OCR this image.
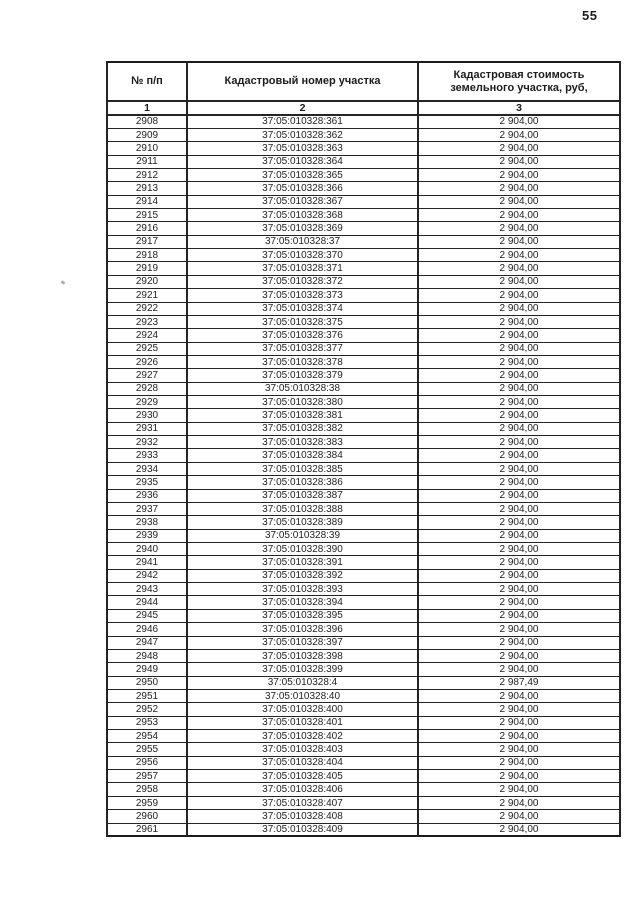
55
№ п/п	Кадастровый номер участка	Кадастровая стоимость земельного участка, руб,
1	2	3
2908	37:05:010328:361	2 904,00
2909	37:05:010328:362	2 904,00
2910	37:05:010328:363	2 904,00
2911	37:05:010328:364	2 904,00
2912	37:05:010328:365	2 904,00
2913	37:05:010328:366	2 904,00
2914	37:05:010328:367	2 904,00
2915	37:05:010328:368	2 904,00
2916	37:05:010328:369	2 904,00
2917	37:05:010328:37	2 904,00
2918	37:05:010328:370	2 904,00
2919	37:05:010328:371	2 904,00
2920	37:05:010328:372	2 904,00
2921	37:05:010328:373	2 904,00
2922	37:05:010328:374	2 904,00
2923	37:05:010328:375	2 904,00
2924	37:05:010328:376	2 904,00
2925	37:05:010328:377	2 904,00
2926	37:05:010328:378	2 904,00
2927	37:05:010328:379	2 904,00
2928	37:05:010328:38	2 904,00
2929	37:05:010328:380	2 904,00
2930	37:05:010328:381	2 904,00
2931	37:05:010328:382	2 904,00
2932	37:05:010328:383	2 904,00
2933	37:05:010328:384	2 904,00
2934	37:05:010328:385	2 904,00
2935	37:05:010328:386	2 904,00
2936	37:05:010328:387	2 904,00
2937	37:05:010328:388	2 904,00
2938	37:05:010328:389	2 904,00
2939	37:05:010328:39	2 904,00
2940	37:05:010328:390	2 904,00
2941	37:05:010328:391	2 904,00
2942	37:05:010328:392	2 904,00
2943	37:05:010328:393	2 904,00
2944	37:05:010328:394	2 904,00
2945	37:05:010328:395	2 904,00
2946	37:05:010328:396	2 904,00
2947	37:05:010328:397	2 904,00
2948	37:05:010328:398	2 904,00
2949	37:05:010328:399	2 904,00
2950	37:05:010328:4	2 987,49
2951	37:05:010328:40	2 904,00
2952	37:05:010328:400	2 904,00
2953	37:05:010328:401	2 904,00
2954	37:05:010328:402	2 904,00
2955	37:05:010328:403	2 904,00
2956	37:05:010328:404	2 904,00
2957	37:05:010328:405	2 904,00
2958	37:05:010328:406	2 904,00
2959	37:05:010328:407	2 904,00
2960	37:05:010328:408	2 904,00
2961	37:05:010328:409	2 904,00
